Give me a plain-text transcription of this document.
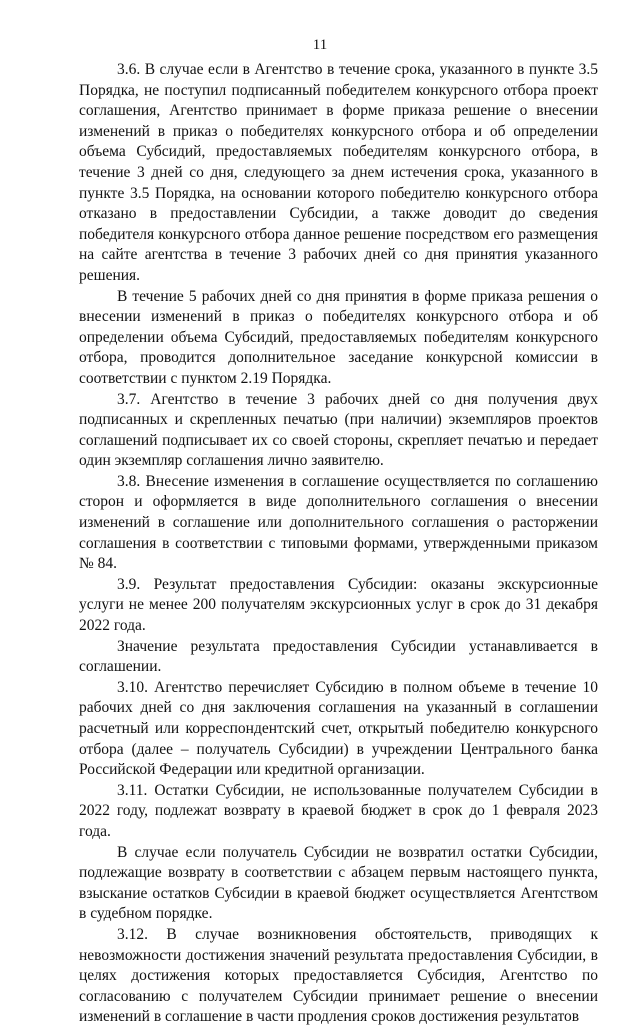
11

3.6. В случае если в Агентство в течение срока, указанного в пункте 3.5 Порядка, не поступил подписанный победителем конкурсного отбора проект соглашения, Агентство принимает в форме приказа решение о внесении изменений в приказ о победителях конкурсного отбора и об определении объема Субсидий, предоставляемых победителям конкурсного отбора, в течение 3 дней со дня, следующего за днем истечения срока, указанного в пункте 3.5 Порядка, на основании которого победителю конкурсного отбора отказано в предоставлении Субсидии, а также доводит до сведения победителя конкурсного отбора данное решение посредством его размещения на сайте агентства в течение 3 рабочих дней со дня принятия указанного решения.

В течение 5 рабочих дней со дня принятия в форме приказа решения о внесении изменений в приказ о победителях конкурсного отбора и об определении объема Субсидий, предоставляемых победителям конкурсного отбора, проводится дополнительное заседание конкурсной комиссии в соответствии с пунктом 2.19 Порядка.

3.7. Агентство в течение 3 рабочих дней со дня получения двух подписанных и скрепленных печатью (при наличии) экземпляров проектов соглашений подписывает их со своей стороны, скрепляет печатью и передает один экземпляр соглашения лично заявителю.

3.8. Внесение изменения в соглашение осуществляется по соглашению сторон и оформляется в виде дополнительного соглашения о внесении изменений в соглашение или дополнительного соглашения о расторжении соглашения в соответствии с типовыми формами, утвержденными приказом № 84.

3.9. Результат предоставления Субсидии: оказаны экскурсионные услуги не менее 200 получателям экскурсионных услуг в срок до 31 декабря 2022 года.

Значение результата предоставления Субсидии устанавливается в соглашении.

3.10. Агентство перечисляет Субсидию в полном объеме в течение 10 рабочих дней со дня заключения соглашения на указанный в соглашении расчетный или корреспондентский счет, открытый победителю конкурсного отбора (далее – получатель Субсидии) в учреждении Центрального банка Российской Федерации или кредитной организации.

3.11. Остатки Субсидии, не использованные получателем Субсидии в 2022 году, подлежат возврату в краевой бюджет в срок до 1 февраля 2023 года.

В случае если получатель Субсидии не возвратил остатки Субсидии, подлежащие возврату в соответствии с абзацем первым настоящего пункта, взыскание остатков Субсидии в краевой бюджет осуществляется Агентством в судебном порядке.

3.12. В случае возникновения обстоятельств, приводящих к невозможности достижения значений результата предоставления Субсидии, в целях достижения которых предоставляется Субсидия, Агентство по согласованию с получателем Субсидии принимает решение о внесении изменений в соглашение в части продления сроков достижения результатов
